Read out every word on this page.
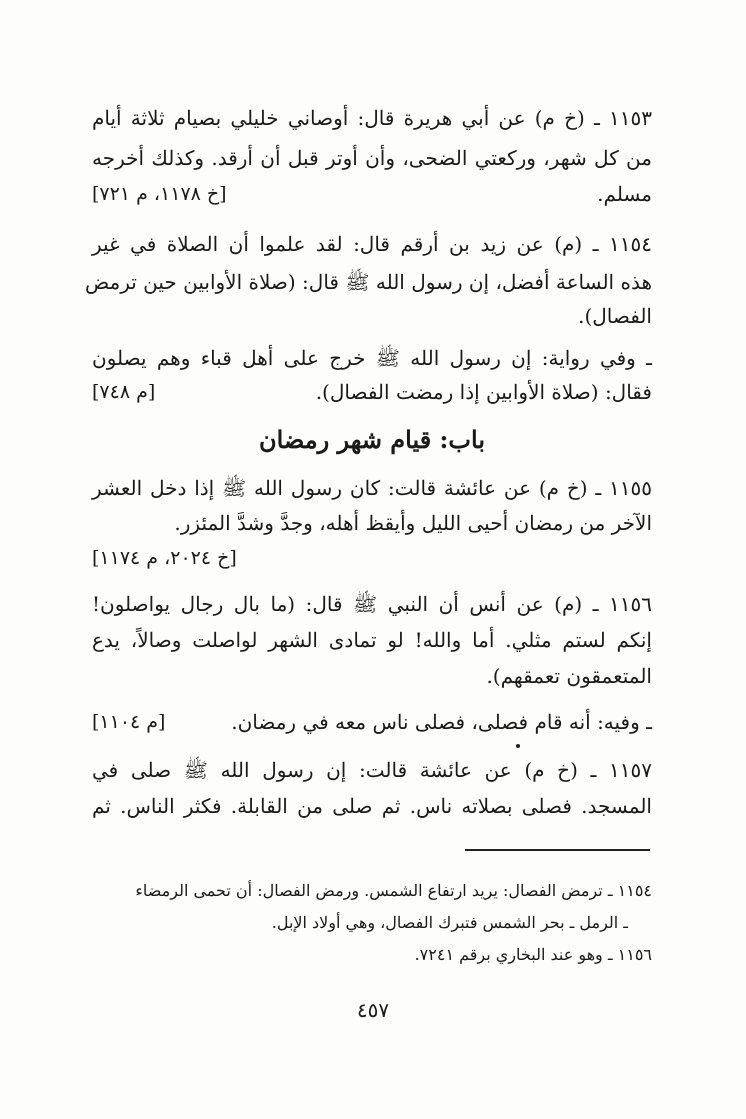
١١٥٣ ـ (خ م) عن أبي هريرة قال: أوصاني خليلي بصيام ثلاثة أيام
من كل شهر، وركعتي الضحى، وأن أوتر قبل أن أرقد. وكذلك أخرجه
مسلم.
[خ ١١٧٨، م ٧٢١]
١١٥٤ ـ (م) عن زيد بن أرقم قال: لقد علموا أن الصلاة في غير
هذه الساعة أفضل، إن رسول الله ﷺ قال: (صلاة الأوابين حين ترمض
الفصال).
ـ وفي رواية: إن رسول الله ﷺ خرج على أهل قباء وهم يصلون
فقال: (صلاة الأوابين إذا رمضت الفصال).
[م ٧٤٨]
باب: قيام شهر رمضان
١١٥٥ ـ (خ م) عن عائشة قالت: كان رسول الله ﷺ إذا دخل العشر
الآخر من رمضان أحيى الليل وأيقظ أهله، وجدَّ وشدَّ المئزر.
[خ ٢٠٢٤، م ١١٧٤]
١١٥٦ ـ (م) عن أنس أن النبي ﷺ قال: (ما بال رجال يواصلون!
إنكم لستم مثلي. أما والله! لو تمادى الشهر لواصلت وصالاً، يدع
المتعمقون تعمقهم).
ـ وفيه: أنه قام فصلى، فصلى ناس معه في رمضان.
[م ١١٠٤]
١١٥٧ ـ (خ م) عن عائشة قالت: إن رسول الله ﷺ صلى في
المسجد. فصلى بصلاته ناس. ثم صلى من القابلة. فكثر الناس. ثم
١١٥٤ ـ ترمض الفصال: يريد ارتفاع الشمس. ورمض الفصال: أن تحمى الرمضاء
ـ الرمل ـ بحر الشمس فتبرك الفصال، وهي أولاد الإبل.
١١٥٦ ـ وهو عند البخاري برقم ٧٢٤١.
٤٥٧
